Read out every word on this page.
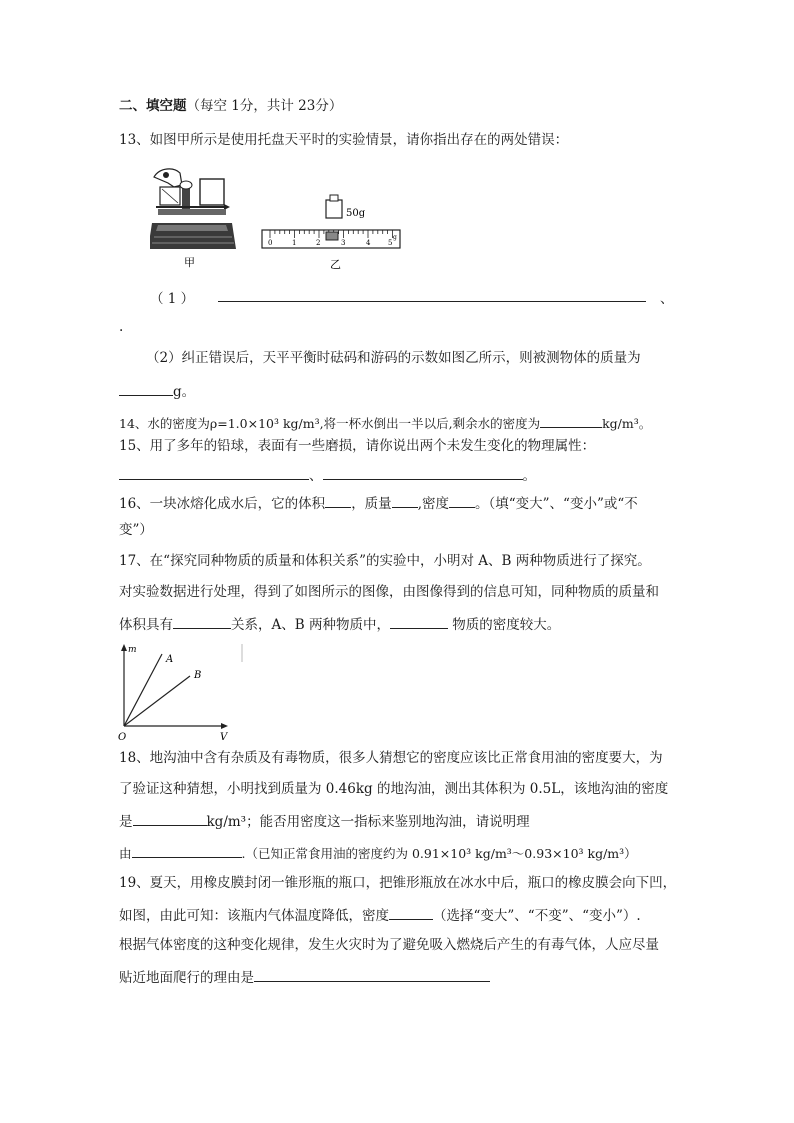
二、填空题（每空 1分，共计 23分）
13、如图甲所示是使用托盘天平时的实验情景，请你指出存在的两处错误：
甲
50g
0	1	2	3	4	5
g
乙
（ 1 ）	、
.
（2）纠正错误后，天平平衡时砝码和游码的示数如图乙所示，则被测物体的质量为
g。
14、水的密度为ρ=1.0×10³ kg/m³,将一杯水倒出一半以后,剩余水的密度为	kg/m³。
15、用了多年的铅球，表面有一些磨损，请你说出两个未发生变化的物理属性：
、	。
16、一块冰熔化成水后，它的体积 ，质量 ,密度 。（填“变大”、“变小”或“不
变”）
17、在“探究同种物质的质量和体积关系”的实验中，小明对 A、B 两种物质进行了探究。
对实验数据进行处理，得到了如图所示的图像，由图像得到的信息可知，同种物质的质量和
体积具有	关系，A、B 两种物质中，	物质的密度较大。
m
V
O
A
B
18、地沟油中含有杂质及有毒物质，很多人猜想它的密度应该比正常食用油的密度要大，为
了验证这种猜想，小明找到质量为 0.46kg 的地沟油，测出其体积为 0.5L，该地沟油的密度
是	kg/m³；能否用密度这一指标来鉴别地沟油，请说明理
由	.（已知正常食用油的密度约为 0.91×10³ kg/m³～0.93×10³ kg/m³）
19、夏天，用橡皮膜封闭一锥形瓶的瓶口，把锥形瓶放在冰水中后，瓶口的橡皮膜会向下凹，
如图，由此可知：该瓶内气体温度降低，密度	（选择“变大”、“不变”、“变小”）.
根据气体密度的这种变化规律，发生火灾时为了避免吸入燃烧后产生的有毒气体，人应尽量
贴近地面爬行的理由是
